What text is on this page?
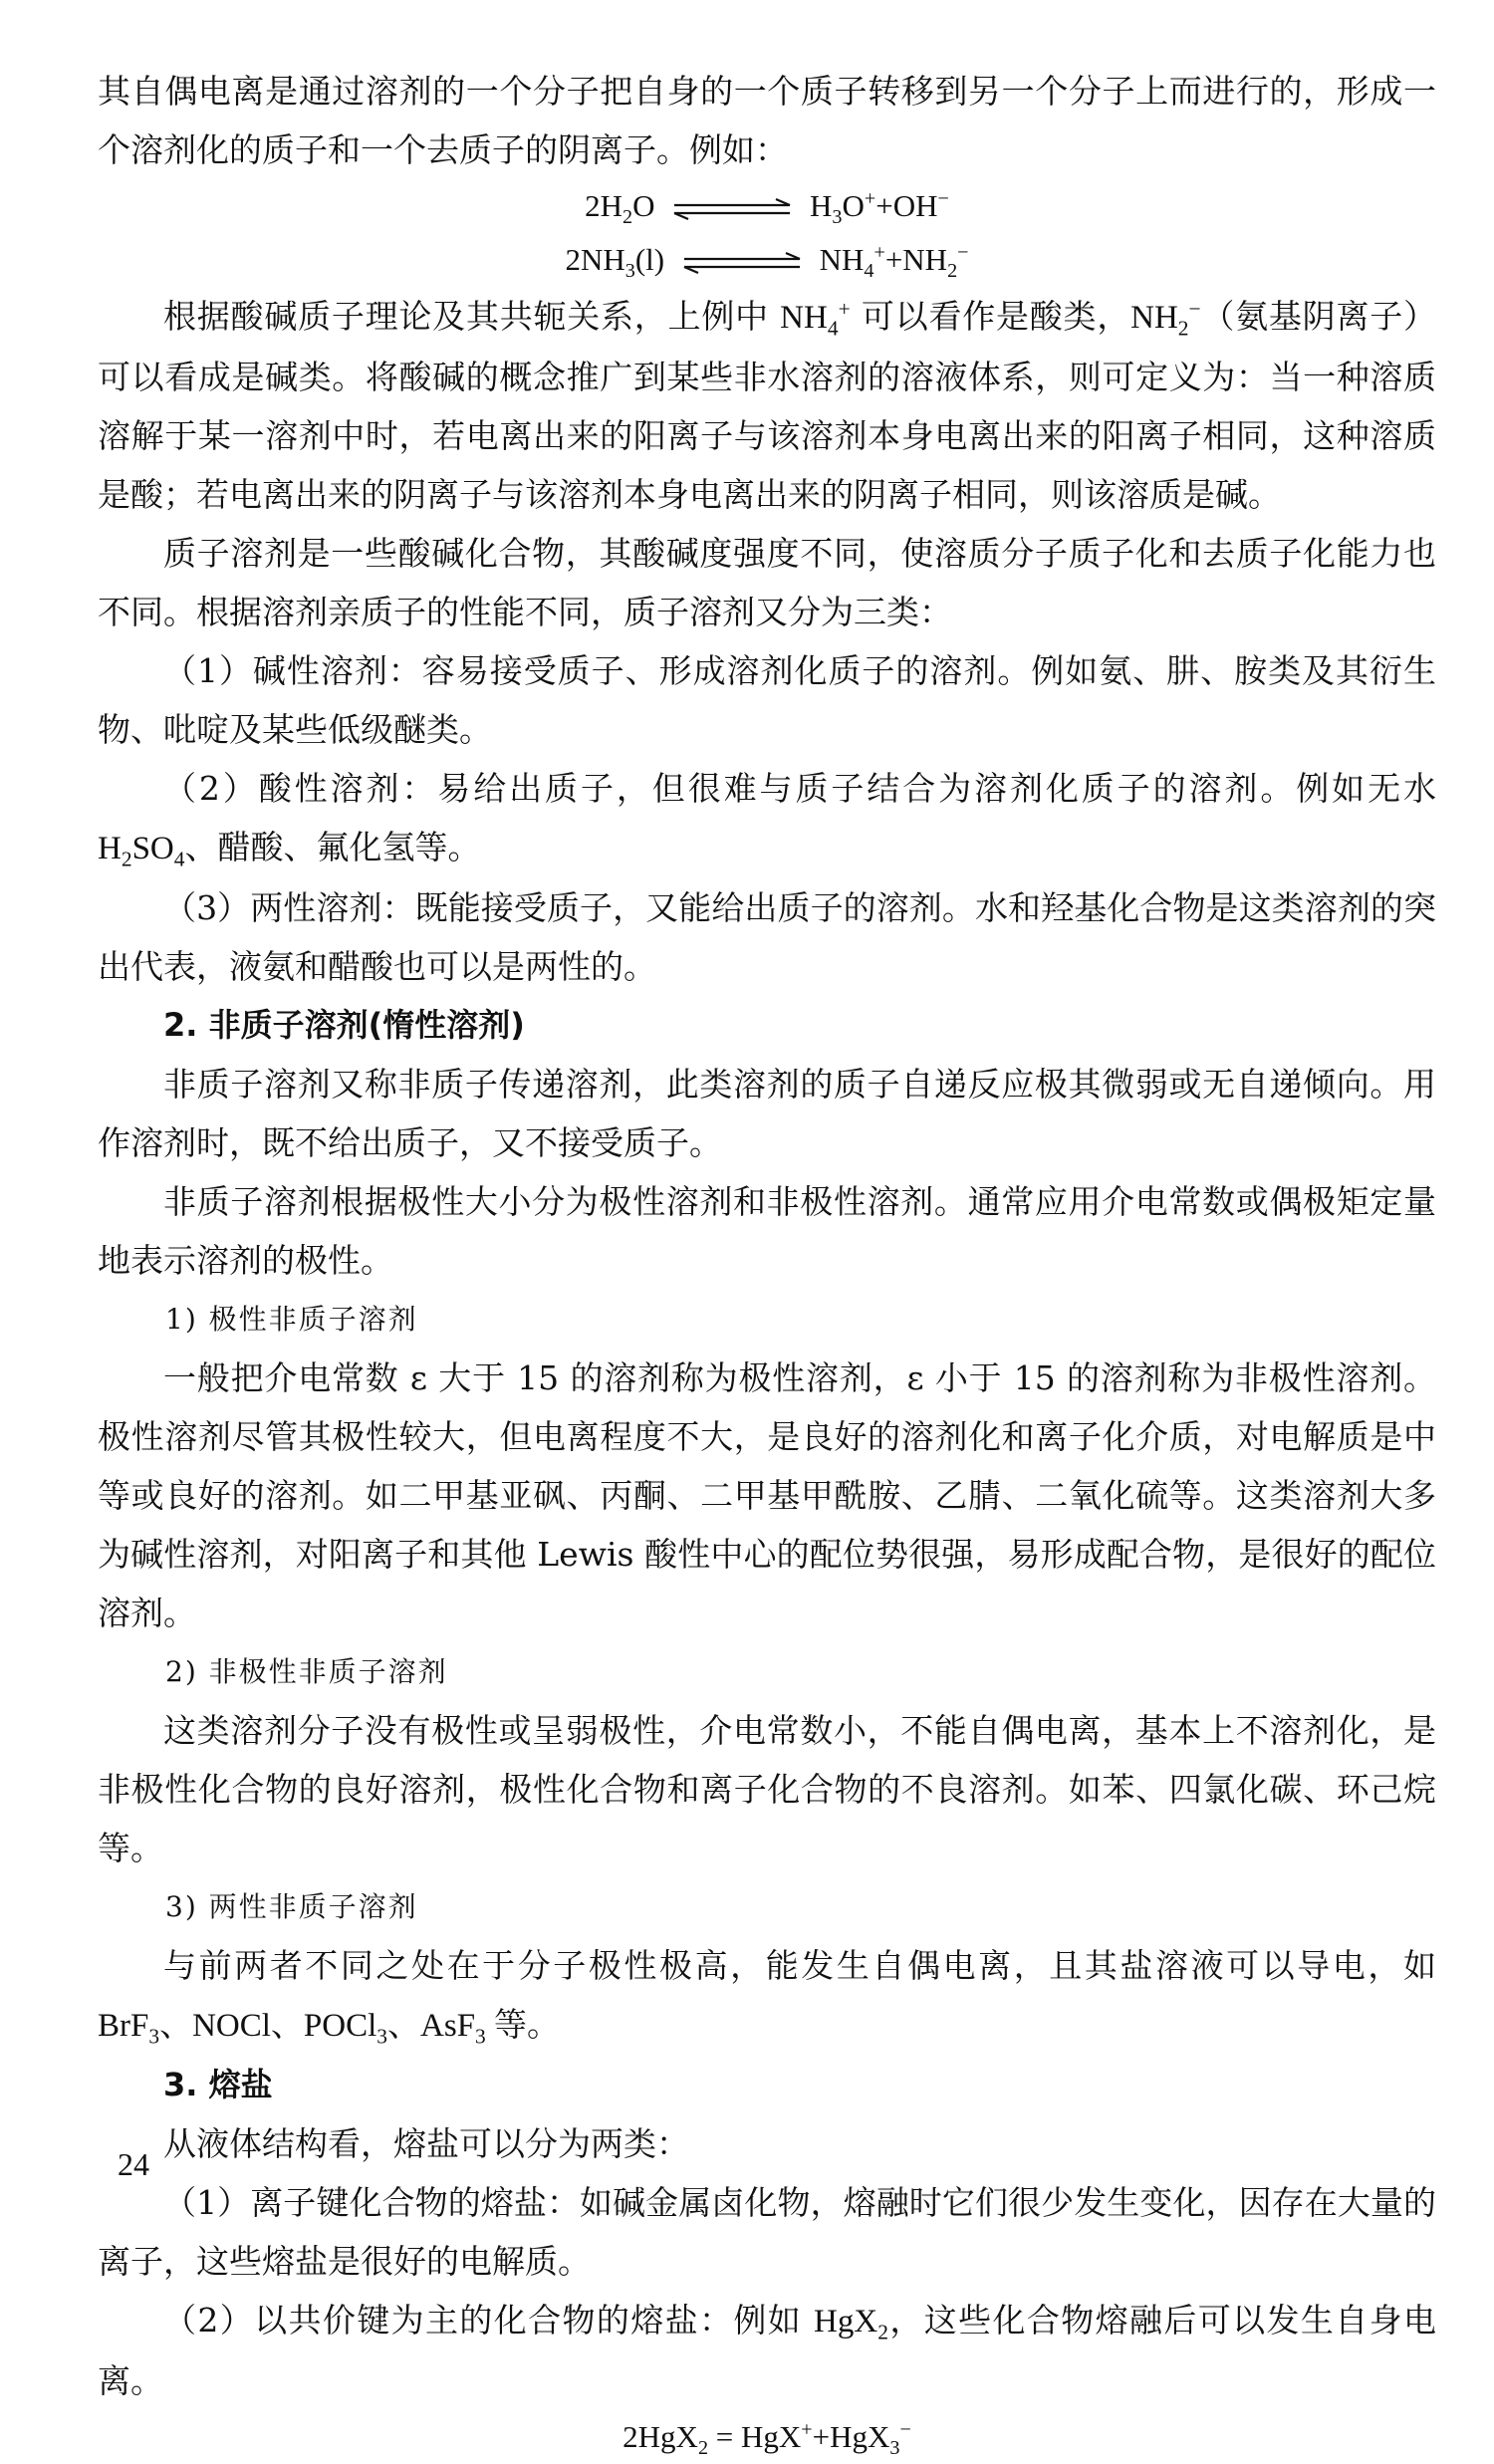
其自偶电离是通过溶剂的一个分子把自身的一个质子转移到另一个分子上而进行的，形成一个溶剂化的质子和一个去质子的阴离子。例如：

$2H_2O$ ⇌ $H_3O^++OH^-$

$2NH_3(l)$ ⇌ $NH_4^++NH_2^-$

根据酸碱质子理论及其共轭关系，上例中 $NH_4^+$ 可以看作是酸类，$NH_2^-$（氨基阴离子）可以看成是碱类。将酸碱的概念推广到某些非水溶剂的溶液体系，则可定义为：当一种溶质溶解于某一溶剂中时，若电离出来的阳离子与该溶剂本身电离出来的阳离子相同，这种溶质是酸；若电离出来的阴离子与该溶剂本身电离出来的阴离子相同，则该溶质是碱。

质子溶剂是一些酸碱化合物，其酸碱度强度不同，使溶质分子质子化和去质子化能力也不同。根据溶剂亲质子的性能不同，质子溶剂又分为三类：

（1）碱性溶剂：容易接受质子、形成溶剂化质子的溶剂。例如氨、肼、胺类及其衍生物、吡啶及某些低级醚类。

（2）酸性溶剂：易给出质子，但很难与质子结合为溶剂化质子的溶剂。例如无水$H_2SO_4$、醋酸、氟化氢等。

（3）两性溶剂：既能接受质子，又能给出质子的溶剂。水和羟基化合物是这类溶剂的突出代表，液氨和醋酸也可以是两性的。

2. 非质子溶剂(惰性溶剂)

非质子溶剂又称非质子传递溶剂，此类溶剂的质子自递反应极其微弱或无自递倾向。用作溶剂时，既不给出质子，又不接受质子。

非质子溶剂根据极性大小分为极性溶剂和非极性溶剂。通常应用介电常数或偶极矩定量地表示溶剂的极性。

1) 极性非质子溶剂

一般把介电常数 ε 大于 15 的溶剂称为极性溶剂，ε 小于 15 的溶剂称为非极性溶剂。极性溶剂尽管其极性较大，但电离程度不大，是良好的溶剂化和离子化介质，对电解质是中等或良好的溶剂。如二甲基亚砜、丙酮、二甲基甲酰胺、乙腈、二氧化硫等。这类溶剂大多为碱性溶剂，对阳离子和其他 Lewis 酸性中心的配位势很强，易形成配合物，是很好的配位溶剂。

2) 非极性非质子溶剂

这类溶剂分子没有极性或呈弱极性，介电常数小，不能自偶电离，基本上不溶剂化，是非极性化合物的良好溶剂，极性化合物和离子化合物的不良溶剂。如苯、四氯化碳、环己烷等。

3) 两性非质子溶剂

与前两者不同之处在于分子极性极高，能发生自偶电离，且其盐溶液可以导电，如BrF$_3$、NOCl、POCl$_3$、AsF$_3$ 等。

3. 熔盐

从液体结构看，熔盐可以分为两类：

（1）离子键化合物的熔盐：如碱金属卤化物，熔融时它们很少发生变化，因存在大量的离子，这些熔盐是很好的电解质。

（2）以共价键为主的化合物的熔盐：例如 HgX$_2$，这些化合物熔融后可以发生自身电离。

2HgX$_2$ = HgX++HgX$_3$−

24
